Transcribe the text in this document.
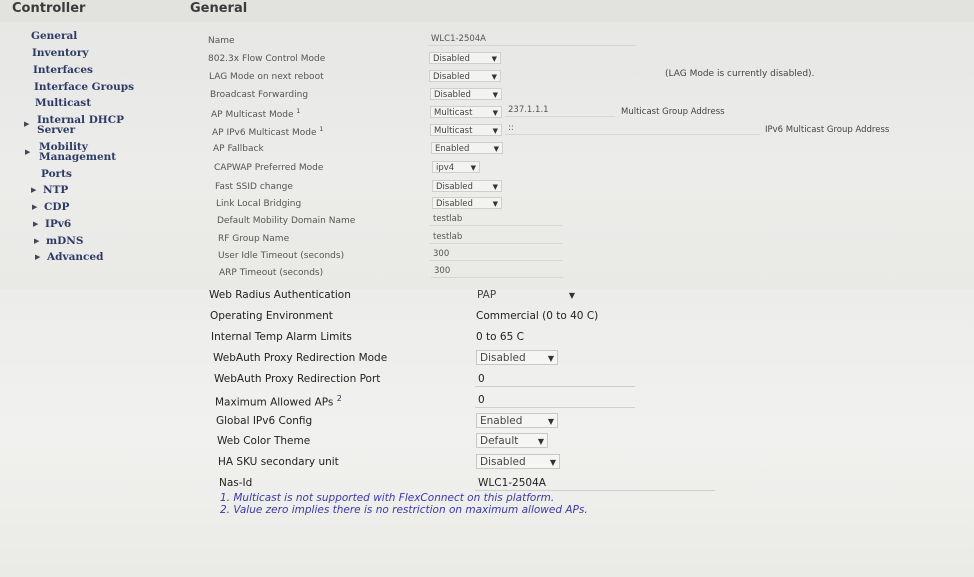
Controller	General
General
Inventory
Interfaces
Interface Groups
Multicast
▶ Internal DHCP
Server
▶ Mobility
Management
Ports
▶ NTP
▶ CDP
▶ IPv6
▶ mDNS
▶ Advanced
Name	WLC1-2504A
802.3x Flow Control Mode	Disabled	▼
LAG Mode on next reboot	Disabled	▼	(LAG Mode is currently disabled).
Broadcast Forwarding	Disabled	▼
AP Multicast Mode $^1$	Multicast	▼	237.1.1.1	Multicast Group Address
AP IPv6 Multicast Mode $^1$	Multicast	▼	::	IPv6 Multicast Group Address
AP Fallback	Enabled	▼
CAPWAP Preferred Mode	ipv4 ▼
Fast SSID change	Disabled	▼
Link Local Bridging	Disabled	▼
Default Mobility Domain Name	testlab
RF Group Name	testlab
User Idle Timeout (seconds)	300
ARP Timeout (seconds)	300
Web Radius Authentication	PAP	▼
Operating Environment	Commercial (0 to 40 C)
Internal Temp Alarm Limits	0 to 65 C
WebAuth Proxy Redirection Mode	Disabled	▼
WebAuth Proxy Redirection Port	0
Maximum Allowed APs $^2$	0
Global IPv6 Config	Enabled	▼
Web Color Theme	Default ▼
HA SKU secondary unit	Disabled	▼
Nas-Id	WLC1-2504A
1. Multicast is not supported with FlexConnect on this platform.
2. Value zero implies there is no restriction on maximum allowed APs.
